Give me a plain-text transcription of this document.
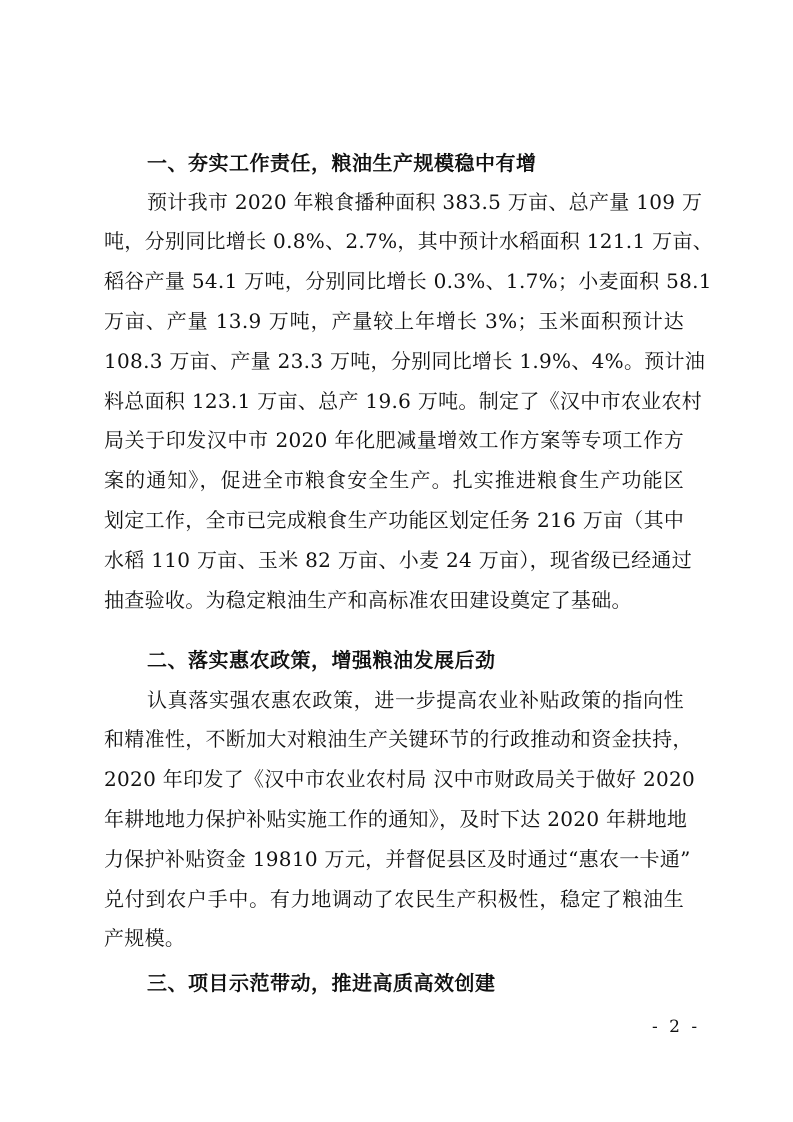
一、夯实工作责任，粮油生产规模稳中有增
预计我市 2020 年粮食播种面积 383.5 万亩、总产量 109 万
吨，分别同比增长 0.8%、2.7%，其中预计水稻面积 121.1 万亩、
稻谷产量 54.1 万吨，分别同比增长 0.3%、1.7%；小麦面积 58.1
万亩、产量 13.9 万吨，产量较上年增长 3%；玉米面积预计达
108.3 万亩、产量 23.3 万吨，分别同比增长 1.9%、4%。预计油
料总面积 123.1 万亩、总产 19.6 万吨。制定了《汉中市农业农村
局关于印发汉中市 2020 年化肥减量增效工作方案等专项工作方
案的通知》，促进全市粮食安全生产。扎实推进粮食生产功能区
划定工作，全市已完成粮食生产功能区划定任务 216 万亩（其中
水稻 110 万亩、玉米 82 万亩、小麦 24 万亩），现省级已经通过
抽查验收。为稳定粮油生产和高标准农田建设奠定了基础。
二、落实惠农政策，增强粮油发展后劲
认真落实强农惠农政策，进一步提高农业补贴政策的指向性
和精准性，不断加大对粮油生产关键环节的行政推动和资金扶持，
2020 年印发了《汉中市农业农村局 汉中市财政局关于做好 2020
年耕地地力保护补贴实施工作的通知》，及时下达 2020 年耕地地
力保护补贴资金 19810 万元，并督促县区及时通过“惠农一卡通”
兑付到农户手中。有力地调动了农民生产积极性，稳定了粮油生
产规模。
三、项目示范带动，推进高质高效创建
- 2 -
